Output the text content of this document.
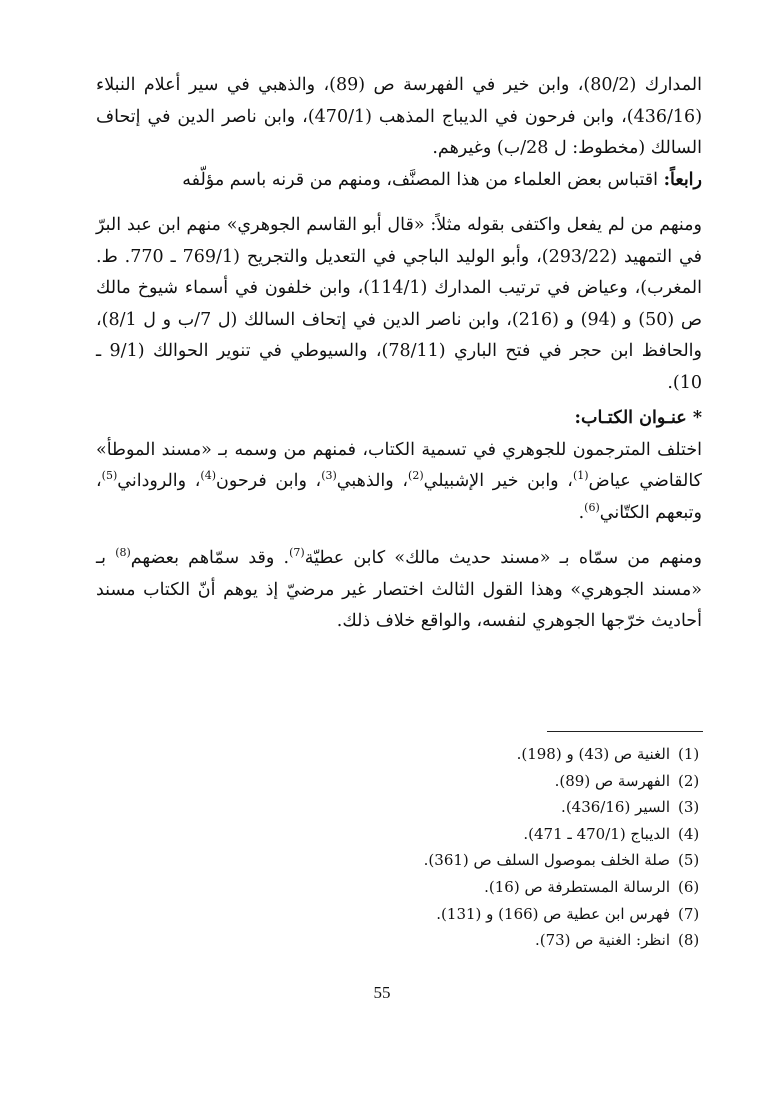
المدارك (80/2)، وابن خير في الفهرسة ص (89)، والذهبي في سير أعلام النبلاء (436/16)، وابن فرحون في الديباج المذهب (470/1)، وابن ناصر الدين في إتحاف السالك (مخطوط: ل 28/ب) وغيرهم.

رابعاً: اقتباس بعض العلماء من هذا المصنَّف، ومنهم من قرنه باسم مؤلّفه

ومنهم من لم يفعل واكتفى بقوله مثلاً: «قال أبو القاسم الجوهري» منهم ابن عبد البرّ في التمهيد (293/22)، وأبو الوليد الباجي في التعديل والتجريح (769/1 ـ 770. ط. المغرب)، وعياض في ترتيب المدارك (114/1)، وابن خلفون في أسماء شيوخ مالك ص (50) و (94) و (216)، وابن ناصر الدين في إتحاف السالك (ل 7/ب و ل 8/1)، والحافظ ابن حجر في فتح الباري (78/11)، والسيوطي في تنوير الحوالك (9/1 ـ 10).

* عنـوان الكتـاب:

اختلف المترجمون للجوهري في تسمية الكتاب، فمنهم من وسمه بـ «مسند الموطأ» كالقاضي عياض$^{(1)}$، وابن خير الإشبيلي$^{(2)}$، والذهبي$^{(3)}$، وابن فرحون$^{(4)}$، والروداني$^{(5)}$، وتبعهم الكتّاني$^{(6)}$.

ومنهم من سمّاه بـ «مسند حديث مالك» كابن عطيّة$^{(7)}$. وقد سمّاهم بعضهم$^{(8)}$ بـ «مسند الجوهري» وهذا القول الثالث اختصار غير مرضيّ إذ يوهم أنّ الكتاب مسند أحاديث خرّجها الجوهري لنفسه، والواقع خلاف ذلك.

(1)
الغنية ص (43) و (198).
(2)
الفهرسة ص (89).
(3)
السير (436/16).
(4)
الديباج (470/1 ـ 471).
(5)
صلة الخلف بموصول السلف ص (361).
(6)
الرسالة المستطرفة ص (16).
(7)
فهرس ابن عطية ص (166) و (131).
(8)
انظر: الغنية ص (73).
55
